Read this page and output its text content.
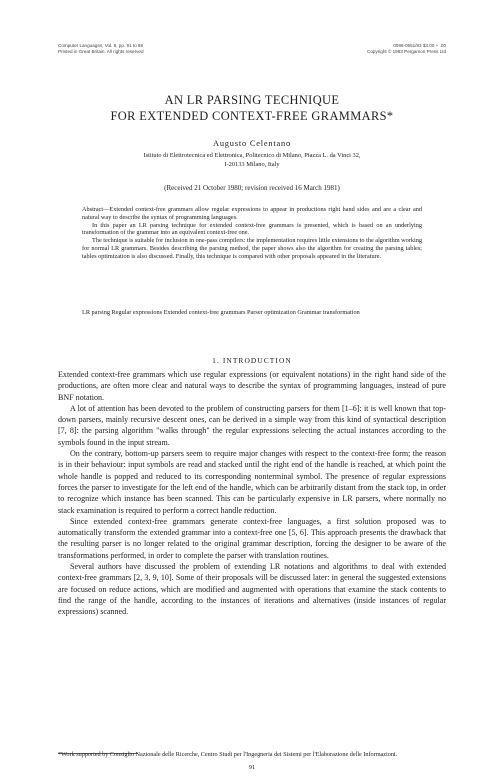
Computer Languages, Vol. 8, pp. 91 to 98
Printed in Great Britain. All rights reserved
0096-0551/83 $3.00 + .00
Copyright © 1983 Pergamon Press Ltd
AN LR PARSING TECHNIQUE
FOR EXTENDED CONTEXT-FREE GRAMMARS*
Augusto Celentano
Istituto di Elettrotecnica ed Elettronica, Politecnico di Milano, Piazza L. da Vinci 32,
I-20133 Milano, Italy
(Received 21 October 1980; revision received 16 March 1981)

Abstract—Extended context-free grammars allow regular expressions to appear in productions right hand sides and are a clear and natural way to describe the syntax of programming languages.

In this paper an LR parsing technique for extended context-free grammars is presented, which is based on an underlying transformation of the grammar into an equivalent context-free one.

The technique is suitable for inclusion in one-pass compilers: the implementation requires little extensions to the algorithm working for normal LR grammars. Besides describing the parsing method, the paper shows also the algorithm for creating the parsing tables; tables optimization is also discussed. Finally, this technique is compared with other proposals appeared in the literature.

LR parsing Regular expressions Extended context-free grammars Parser optimization Grammar transformation
1. INTRODUCTION

Extended context-free grammars which use regular expressions (or equivalent notations) in the right hand side of the productions, are often more clear and natural ways to describe the syntax of programming languages, instead of pure BNF notation.

A lot of attention has been devoted to the problem of constructing parsers for them [1–6]: it is well known that top-down parsers, mainly recursive descent ones, can be derived in a simple way from this kind of syntactical description [7, 8]: the parsing algorithm "walks through" the regular expressions selecting the actual instances according to the symbols found in the input stream.

On the contrary, bottom-up parsers seem to require major changes with respect to the context-free form; the reason is in their behaviour: input symbols are read and stacked until the right end of the handle is reached, at which point the whole handle is popped and reduced to its corresponding nonterminal symbol. The presence of regular expressions forces the parser to investigate for the left end of the handle, which can be arbitrarily distant from the stack top, in order to recognize which instance has been scanned. This can be particularly expensive in LR parsers, where normally no stack examination is required to perform a correct handle reduction.

Since extended context-free grammars generate context-free languages, a first solution proposed was to automatically transform the extended grammar into a context-free one [5, 6]. This approach presents the drawback that the resulting parser is no longer related to the original grammar description, forcing the designer to be aware of the transformations performed, in order to complete the parser with translation routines.

Several authors have discussed the problem of extending LR notations and algorithms to deal with extended context-free grammars [2, 3, 9, 10]. Some of their proposals will be discussed later: in general the suggested extensions are focused on reduce actions, which are modified and augmented with operations that examine the stack contents to find the range of the handle, according to the instances of iterations and alternatives (inside instances of regular expressions) scanned.

*Work supported by Consiglio Nazionale delle Ricerche, Centro Studi per l'Ingegneria dei Sistemi per l'Elaborazione delle Informazioni.
91
